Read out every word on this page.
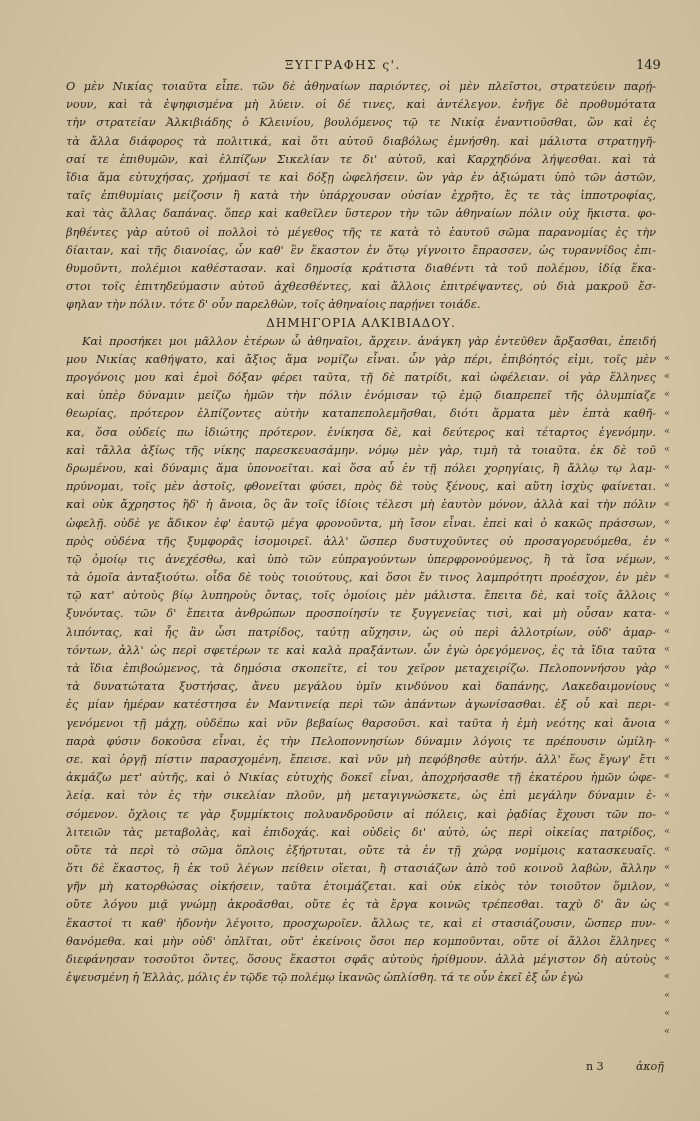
ΞΥΓΓΡΑΦΗΣ ς'.	149
Ο μὲν Νικίας τοιαῦτα εἶπε. τῶν δὲ ἀθηναίων παριόντες, οἱ μὲν πλεῖστοι, στρατεύειν παρῄ-
νουν, καὶ τὰ ἐψηφισμένα μὴ λύειν. οἱ δέ τινες, καὶ ἀντέλεγον. ἐνῆγε δὲ προθυμότατα
τὴν στρατείαν Ἀλκιβιάδης ὁ Κλεινίου, βουλόμενος τῷ τε Νικίᾳ ἐναντιοῦσθαι, ὢν καὶ ἐς
τὰ ἄλλα διάφορος τὰ πολιτικά, καὶ ὅτι αὐτοῦ διαβόλως ἐμνήσθη. καὶ μάλιστα στρατηγῆ-
σαί τε ἐπιθυμῶν, καὶ ἐλπίζων Σικελίαν τε δι' αὐτοῦ, καὶ Καρχηδόνα λήψεσθαι. καὶ τὰ
ἴδια ἅμα εὐτυχήσας, χρήμασί τε καὶ δόξῃ ὠφελήσειν. ὢν γὰρ ἐν ἀξιώματι ὑπὸ τῶν ἀστῶν,
ταῖς ἐπιθυμίαις μείζοσιν ἢ κατὰ τὴν ὑπάρχουσαν οὐσίαν ἐχρῆτο, ἔς τε τὰς ἱπποτροφίας,
καὶ τὰς ἄλλας δαπάνας. ὅπερ καὶ καθεῖλεν ὕστερον τὴν τῶν ἀθηναίων πόλιν οὐχ ἥκιστα. φο-
βηθέντες γὰρ αὐτοῦ οἱ πολλοὶ τὸ μέγεθος τῆς τε κατὰ τὸ ἑαυτοῦ σῶμα παρανομίας ἐς τὴν
δίαιταν, καὶ τῆς διανοίας, ὧν καθ' ἓν ἕκαστον ἐν ὅτῳ γίγνοιτο ἔπρασσεν, ὡς τυραννίδος ἐπι-
θυμοῦντι, πολέμιοι καθέστασαν. καὶ δημοσίᾳ κράτιστα διαθέντι τὰ τοῦ πολέμου, ἰδίᾳ ἕκα-
στοι τοῖς ἐπιτηδεύμασιν αὐτοῦ ἀχθεσθέντες, καὶ ἄλλοις ἐπιτρέψαντες, οὐ διὰ μακροῦ ἔσ-
φηλαν τὴν πόλιν. τότε δ' οὖν παρελθὼν, τοῖς ἀθηναίοις παρῄνει τοιάδε.
ΔΗΜΗΓΟΡΙΑ ΑΛΚΙΒΙΑΔΟΥ.
Καὶ προσήκει μοι μᾶλλον ἑτέρων ὦ ἀθηναῖοι, ἄρχειν. ἀνάγκη γὰρ ἐντεῦθεν ἄρξασθαι, ἐπειδή
μου Νικίας καθήψατο, καὶ ἄξιος ἅμα νομίζω εἶναι. ὧν γὰρ πέρι, ἐπιβόητός εἰμι, τοῖς μὲν
προγόνοις μου καὶ ἐμοὶ δόξαν φέρει ταῦτα, τῇ δὲ πατρίδι, καὶ ὠφέλειαν. οἱ γὰρ ἕλληνες
καὶ ὑπὲρ δύναμιν μείζω ἡμῶν τὴν πόλιν ἐνόμισαν τῷ ἐμῷ διαπρεπεῖ τῆς ὀλυμπίαζε
θεωρίας, πρότερον ἐλπίζοντες αὐτὴν καταπεπολεμῆσθαι, διότι ἅρματα μὲν ἑπτὰ καθῆ-
κα, ὅσα οὐδείς πω ἰδιώτης πρότερον. ἐνίκησα δὲ, καὶ δεύτερος καὶ τέταρτος ἐγενόμην.
καὶ τἄλλα ἀξίως τῆς νίκης παρεσκευασάμην. νόμῳ μὲν γὰρ, τιμὴ τὰ τοιαῦτα. ἐκ δὲ τοῦ
δρωμένου, καὶ δύναμις ἅμα ὑπονοεῖται. καὶ ὅσα αὖ ἐν τῇ πόλει χορηγίαις, ἢ ἄλλῳ τῳ λαμ-
πρύνομαι, τοῖς μὲν ἀστοῖς, φθονεῖται φύσει, πρὸς δὲ τοὺς ξένους, καὶ αὕτη ἰσχὺς φαίνεται.
καὶ οὐκ ἄχρηστος ἥδ' ἡ ἄνοια, ὃς ἂν τοῖς ἰδίοις τέλεσι μὴ ἑαυτὸν μόνον, ἀλλὰ καὶ τὴν πόλιν
ὠφελῇ. οὐδὲ γε ἄδικον ἐφ' ἑαυτῷ μέγα φρονοῦντα, μὴ ἴσον εἶναι. ἐπεὶ καὶ ὁ κακῶς πράσσων,
πρὸς οὐδένα τῆς ξυμφορᾶς ἰσομοιρεῖ. ἀλλ' ὥσπερ δυστυχοῦντες οὐ προσαγορευόμεθα, ἐν
τῷ ὁμοίῳ τις ἀνεχέσθω, καὶ ὑπὸ τῶν εὐπραγούντων ὑπερφρονούμενος, ἢ τὰ ἴσα νέμων,
τὰ ὁμοῖα ἀνταξιούτω. οἶδα δὲ τοὺς τοιούτους, καὶ ὅσοι ἔν τινος λαμπρότητι προέσχον, ἐν μὲν
τῷ κατ' αὐτοὺς βίῳ λυπηροὺς ὄντας, τοῖς ὁμοίοις μὲν μάλιστα. ἔπειτα δὲ, καὶ τοῖς ἄλλοις
ξυνόντας. τῶν δ' ἔπειτα ἀνθρώπων προσποίησίν τε ξυγγενείας τισὶ, καὶ μὴ οὖσαν κατα-
λιπόντας, καὶ ἧς ἂν ὦσι πατρίδος, ταύτῃ αὔχησιν, ὡς οὐ περὶ ἀλλοτρίων, οὐδ' ἁμαρ-
τόντων, ἀλλ' ὡς περὶ σφετέρων τε καὶ καλὰ πραξάντων. ὧν ἐγὼ ὀρεγόμενος, ἐς τὰ ἴδια ταῦτα
τὰ ἴδια ἐπιβοώμενος, τὰ δημόσια σκοπεῖτε, εἰ του χεῖρον μεταχειρίζω. Πελοποννήσου γὰρ
τὰ δυνατώτατα ξυστήσας, ἄνευ μεγάλου ὑμῖν κινδύνου καὶ δαπάνης, Λακεδαιμονίους
ἐς μίαν ἡμέραν κατέστησα ἐν Μαντινείᾳ περὶ τῶν ἁπάντων ἀγωνίσασθαι. ἐξ οὗ καὶ περι-
γενόμενοι τῇ μάχῃ, οὐδέπω καὶ νῦν βεβαίως θαρσοῦσι. καὶ ταῦτα ἡ ἐμὴ νεότης καὶ ἄνοια
παρὰ φύσιν δοκοῦσα εἶναι, ἐς τὴν Πελοποννησίων δύναμιν λόγοις τε πρέπουσιν ὡμίλη-
σε. καὶ ὀργῇ πίστιν παρασχομένη, ἔπεισε. καὶ νῦν μὴ πεφόβησθε αὐτήν. ἀλλ' ἕως ἔγωγ' ἔτι
ἀκμάζω μετ' αὐτῆς, καὶ ὁ Νικίας εὐτυχὴς δοκεῖ εἶναι, ἀποχρήσασθε τῇ ἑκατέρου ἡμῶν ὠφε-
λείᾳ. καὶ τὸν ἐς τὴν σικελίαν πλοῦν, μὴ μεταγιγνώσκετε, ὡς ἐπὶ μεγάλην δύναμιν ἐ-
σόμενον. ὄχλοις τε γὰρ ξυμμίκτοις πολυανδροῦσιν αἱ πόλεις, καὶ ῥᾳδίας ἔχουσι τῶν πο-
λιτειῶν τὰς μεταβολὰς, καὶ ἐπιδοχάς. καὶ οὐδεὶς δι' αὐτὸ, ὡς περὶ οἰκείας πατρίδος,
οὔτε τὰ περὶ τὸ σῶμα ὅπλοις ἐξήρτυται, οὔτε τὰ ἐν τῇ χώρᾳ νομίμοις κατασκευαῖς.
ὅτι δὲ ἕκαστος, ἢ ἐκ τοῦ λέγων πείθειν οἴεται, ἢ στασιάζων ἀπὸ τοῦ κοινοῦ λαβὼν, ἄλλην
γῆν μὴ κατορθώσας οἰκήσειν, ταῦτα ἑτοιμάζεται. καὶ οὐκ εἰκὸς τὸν τοιοῦτον ὅμιλον,
οὔτε λόγου μιᾷ γνώμῃ ἀκροᾶσθαι, οὔτε ἐς τὰ ἔργα κοινῶς τρέπεσθαι. ταχὺ δ' ἂν ὡς
ἕκαστοί τι καθ' ἡδονὴν λέγοιτο, προσχωροῖεν. ἄλλως τε, καὶ εἰ στασιάζουσιν, ὥσπερ πυν-
θανόμεθα. καὶ μὴν οὐδ' ὁπλῖται, οὔτ' ἐκείνοις ὅσοι περ κομποῦνται, οὔτε οἱ ἄλλοι ἕλληνες
διεφάνησαν τοσοῦτοι ὄντες, ὅσους ἕκαστοι σφᾶς αὐτοὺς ἠρίθμουν. ἀλλὰ μέγιστον δὴ αὐτοὺς
ἐψευσμένη ἡ Ἑλλὰς, μόλις ἐν τῷδε τῷ πολέμῳ ἱκανῶς ὡπλίσθη. τά τε οὖν ἐκεῖ ἐξ ὧν ἐγὼ
«
«
«
«
«
«
«
«
«
«
«
«
«
«
«
«
«
«
«
«
«
«
«
«
«
«
«
«
«
«
«
«
«
«
«
«
«
«
n 3	ἀκοῇ
